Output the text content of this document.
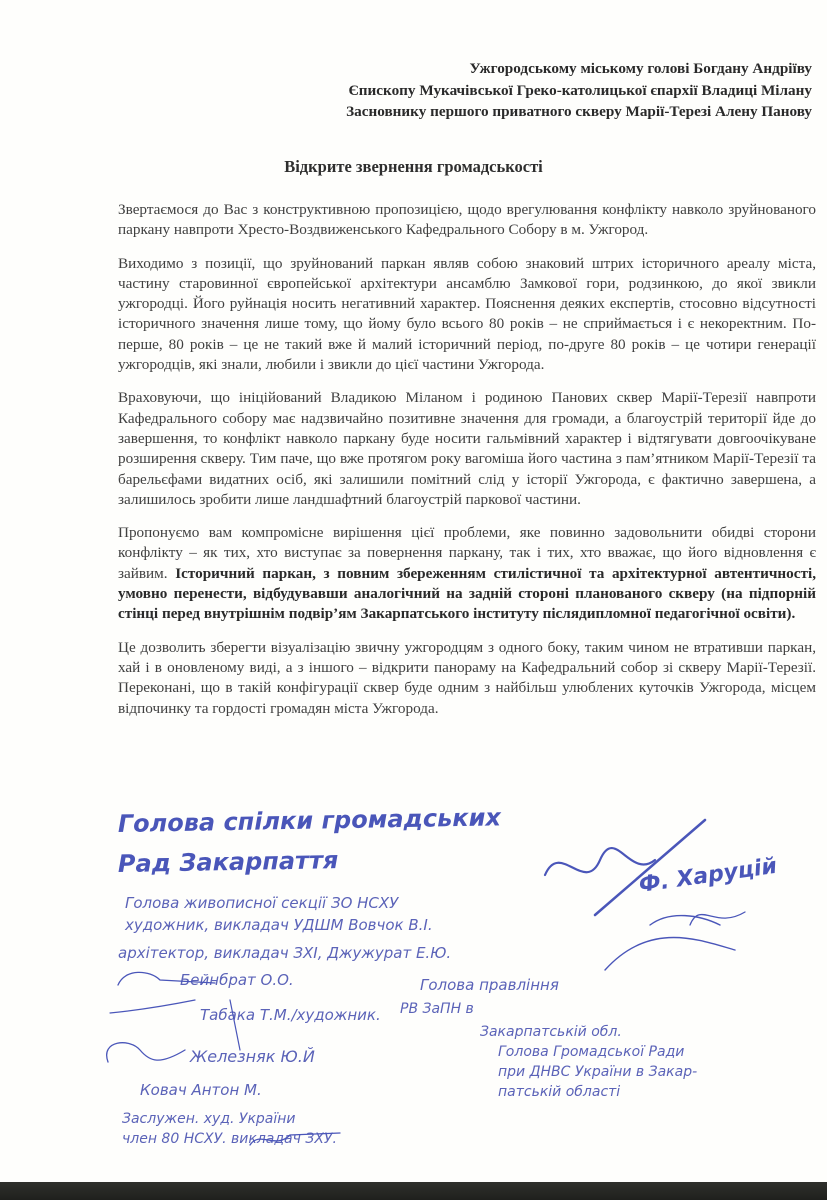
Ужгородському міському голові Богдану Андріїву
Єпископу Мукачівської Греко-католицької єпархії Владиці Мілану
Засновнику першого приватного скверу Марії-Терезі Алену Панову
Відкрите звернення громадськості

Звертаємося до Вас з конструктивною пропозицією, щодо врегулювання конфлікту навколо зруйнованого паркану навпроти Хресто-Воздвиженського Кафедрального Собору в м. Ужгород.

Виходимо з позиції, що зруйнований паркан являв собою знаковий штрих історичного ареалу міста, частину старовинної європейської архітектури ансамблю Замкової гори, родзинкою, до якої звикли ужгородці. Його руйнація носить негативний характер. Пояснення деяких експертів, стосовно відсутності історичного значення лише тому, що йому було всього 80 років – не сприймається і є некоректним. По-перше, 80 років – це не такий вже й малий історичний період, по-друге 80 років – це чотири генерації ужгородців, які знали, любили і звикли до цієї частини Ужгорода.

Враховуючи, що ініційований Владикою Міланом і родиною Панових сквер Марії-Терезії навпроти Кафедрального собору має надзвичайно позитивне значення для громади, а благоустрій території йде до завершення, то конфлікт навколо паркану буде носити гальмівний характер і відтягувати довгоочікуване розширення скверу. Тим паче, що вже протягом року вагоміша його частина з пам’ятником Марії-Терезії та барельєфами видатних осіб, які залишили помітний слід у історії Ужгорода, є фактично завершена, а залишилось зробити лише ландшафтний благоустрій паркової частини.

Пропонуємо вам компромісне вирішення цієї проблеми, яке повинно задовольнити обидві сторони конфлікту – як тих, хто виступає за повернення паркану, так і тих, хто вважає, що його відновлення є зайвим. Історичний паркан, з повним збереженням стилістичної та архітектурної автентичності, умовно перенести, відбудувавши аналогічний на задній стороні планованого скверу (на підпорній стінці перед внутрішнім подвір’ям Закарпатського інституту післядипломної педагогічної освіти).

Це дозволить зберегти візуалізацію звичну ужгородцям з одного боку, таким чином не втративши паркан, хай і в оновленому виді, а з іншого – відкрити панораму на Кафедральний собор зі скверу Марії-Терезії. Переконані, що в такій конфігурації сквер буде одним з найбільш улюблених куточків Ужгорода, місцем відпочинку та гордості громадян міста Ужгорода.

Голова спілки громадських
Рад Закарпаття	Ф. Харуцій
Голова живописної секції ЗО НСХУ
художник, викладач УДШМ Вовчок В.І.
архітектор, викладач ЗХІ, Джужурат Е.Ю.
Бейнбрат О.О.	Голова правління
Табака Т.М./художник. РВ ЗаПН в
Закарпатській обл.
Железняк Ю.Й	Голова Громадської Ради
при ДНВС України в Закар-
патській області
Ковач Антон М.
Заслужен. худ. України
член 80 НСХУ. викладач ЗХУ.
